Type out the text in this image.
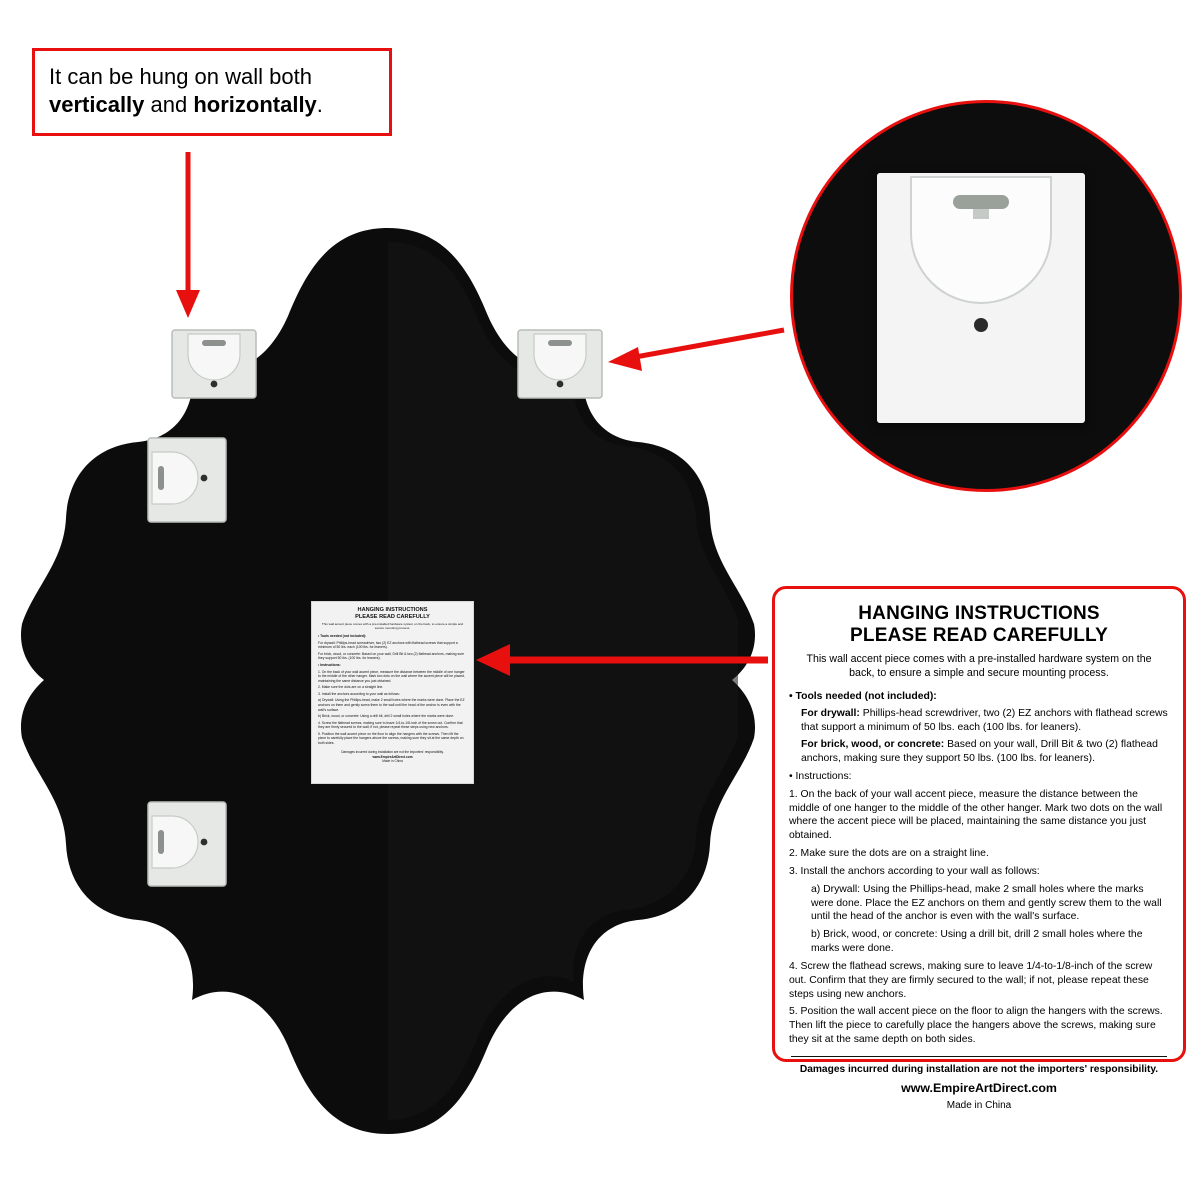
It can be hung on wall both
vertically and horizontally.
HANGING INSTRUCTIONS
PLEASE READ CAREFULLY
This wall accent piece comes with a pre-installed hardware system on the back, to ensure a simple and secure mounting process.

• Tools needed (not included):

For drywall: Phillips-head screwdriver, two (2) EZ anchors with flathead screws that support a minimum of 50 lbs. each (100 lbs. for leaners).

For brick, wood, or concrete: Based on your wall, Drill Bit & two (2) flathead anchors, making sure they support 50 lbs. (100 lbs. for leaners).

• Instructions:

1. On the back of your wall accent piece, measure the distance between the middle of one hanger to the middle of the other hanger. Mark two dots on the wall where the accent piece will be placed, maintaining the same distance you just obtained.

2. Make sure the dots are on a straight line.

3. Install the anchors according to your wall as follows:

a) Drywall: Using the Phillips-head, make 2 small holes where the marks were done. Place the EZ anchors on them and gently screw them to the wall until the head of the anchor is even with the wall's surface.

b) Brick, wood, or concrete: Using a drill bit, drill 2 small holes where the marks were done.

4. Screw the flathead screws, making sure to leave 1/4-to-1/8-inch of the screw out. Confirm that they are firmly secured to the wall; if not, please repeat these steps using new anchors.

5. Position the wall accent piece on the floor to align the hangers with the screws. Then lift the piece to carefully place the hangers above the screws, making sure they sit at the same depth on both sides.

Damages incurred during installation are not the importers' responsibility.
www.EmpireArtDirect.com
Made in China
HANGING INSTRUCTIONS
PLEASE READ CAREFULLY
This wall accent piece comes with a pre-installed hardware system on the back, to ensure a simple and secure mounting process.
• Tools needed (not included):
For drywall: Phillips-head screwdriver, two (2) EZ anchors with flathead screws that support a minimum of 50 lbs. each (100 lbs. for leaners).
For brick, wood, or concrete: Based on your wall, Drill Bit & two (2) flathead anchors, making sure they support 50 lbs. (100 lbs. for leaners).
• Instructions:
1. On the back of your wall accent piece, measure the distance between the middle of one hanger to the middle of the other hanger. Mark two dots on the wall where the accent piece will be placed, maintaining the same distance you just obtained.
2. Make sure the dots are on a straight line.
3. Install the anchors according to your wall as follows:
a) Drywall: Using the Phillips-head, make 2 small holes where the marks were done. Place the EZ anchors on them and gently screw them to the wall until the head of the anchor is even with the wall's surface.
b) Brick, wood, or concrete: Using a drill bit, drill 2 small holes where the marks were done.
4. Screw the flathead screws, making sure to leave 1/4-to-1/8-inch of the screw out. Confirm that they are firmly secured to the wall; if not, please repeat these steps using new anchors.
5. Position the wall accent piece on the floor to align the hangers with the screws. Then lift the piece to carefully place the hangers above the screws, making sure they sit at the same depth on both sides.
Damages incurred during installation are not the importers' responsibility.
www.EmpireArtDirect.com
Made in China
